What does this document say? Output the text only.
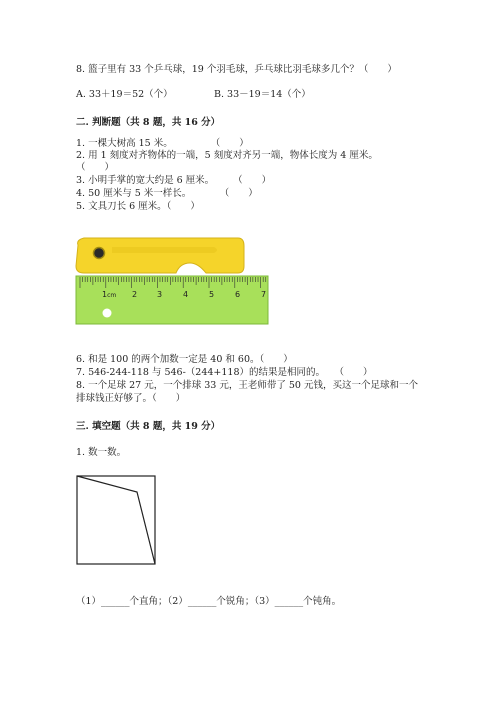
8. 篮子里有 33 个乒乓球，19 个羽毛球，乒乓球比羽毛球多几个？（　　）
A. 33＋19＝52（个）	B. 33－19＝14（个）
二. 判断题（共 8 题，共 16 分）
1. 一棵大树高 15 米。　　　　　（　　）
2. 用 1 刻度对齐物体的一端，5 刻度对齐另一端，物体长度为 4 厘米。
（　　）
3. 小明手掌的宽大约是 6 厘米。　　　（　　）
4. 50 厘米与 5 米一样长。　　　　（　　）
5. 文具刀长 6 厘米。（　　）
1cm 2 3	4	5	6	7
6. 和是 100 的两个加数一定是 40 和 60。（　　）
7. 546-244-118 与 546-（244+118）的结果是相同的。　　（　　）
8. 一个足球 27 元，一个排球 33 元，王老师带了 50 元钱，买这一个足球和一个
排球钱正好够了。（　　）
三. 填空题（共 8 题，共 19 分）
1. 数一数。
（1）______个直角；（2）______个锐角；（3）______个钝角。
